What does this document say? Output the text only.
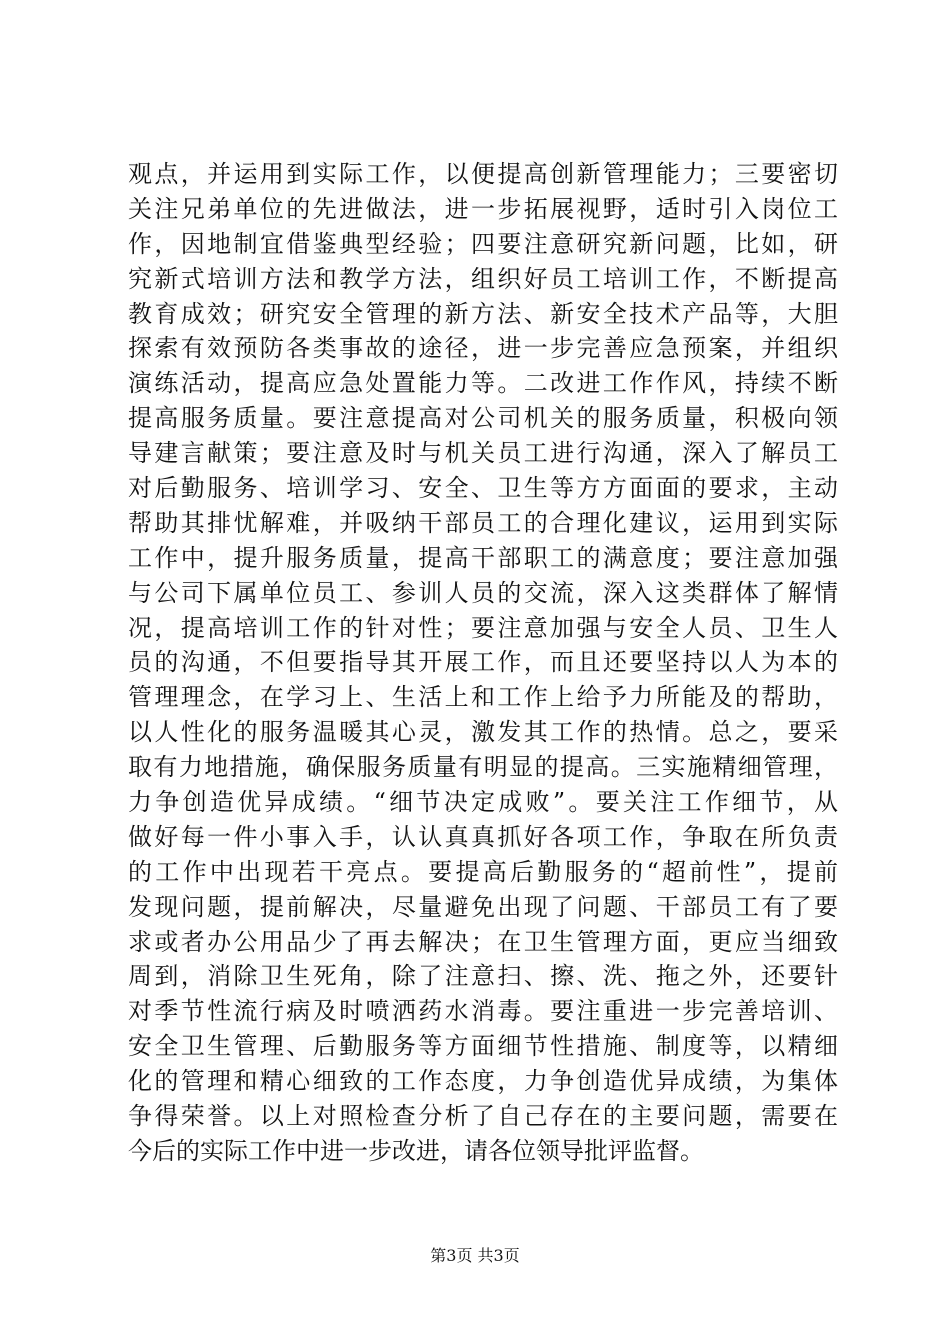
观点，并运用到实际工作，以便提高创新管理能力；三要密切
关注兄弟单位的先进做法，进一步拓展视野，适时引入岗位工
作，因地制宜借鉴典型经验；四要注意研究新问题，比如，研
究新式培训方法和教学方法，组织好员工培训工作，不断提高
教育成效；研究安全管理的新方法、新安全技术产品等，大胆
探索有效预防各类事故的途径，进一步完善应急预案，并组织
演练活动，提高应急处置能力等。二改进工作作风，持续不断
提高服务质量。要注意提高对公司机关的服务质量，积极向领
导建言献策；要注意及时与机关员工进行沟通，深入了解员工
对后勤服务、培训学习、安全、卫生等方方面面的要求，主动
帮助其排忧解难，并吸纳干部员工的合理化建议，运用到实际
工作中，提升服务质量，提高干部职工的满意度；要注意加强
与公司下属单位员工、参训人员的交流，深入这类群体了解情
况，提高培训工作的针对性；要注意加强与安全人员、卫生人
员的沟通，不但要指导其开展工作，而且还要坚持以人为本的
管理理念，在学习上、生活上和工作上给予力所能及的帮助，
以人性化的服务温暖其心灵，激发其工作的热情。总之，要采
取有力地措施，确保服务质量有明显的提高。三实施精细管理，
力争创造优异成绩。“细节决定成败”。要关注工作细节，从
做好每一件小事入手，认认真真抓好各项工作，争取在所负责
的工作中出现若干亮点。要提高后勤服务的“超前性”，提前
发现问题，提前解决，尽量避免出现了问题、干部员工有了要
求或者办公用品少了再去解决；在卫生管理方面，更应当细致
周到，消除卫生死角，除了注意扫、擦、洗、拖之外，还要针
对季节性流行病及时喷洒药水消毒。要注重进一步完善培训、
安全卫生管理、后勤服务等方面细节性措施、制度等，以精细
化的管理和精心细致的工作态度，力争创造优异成绩，为集体
争得荣誉。以上对照检查分析了自己存在的主要问题，需要在
今后的实际工作中进一步改进，请各位领导批评监督。
第3页 共3页
